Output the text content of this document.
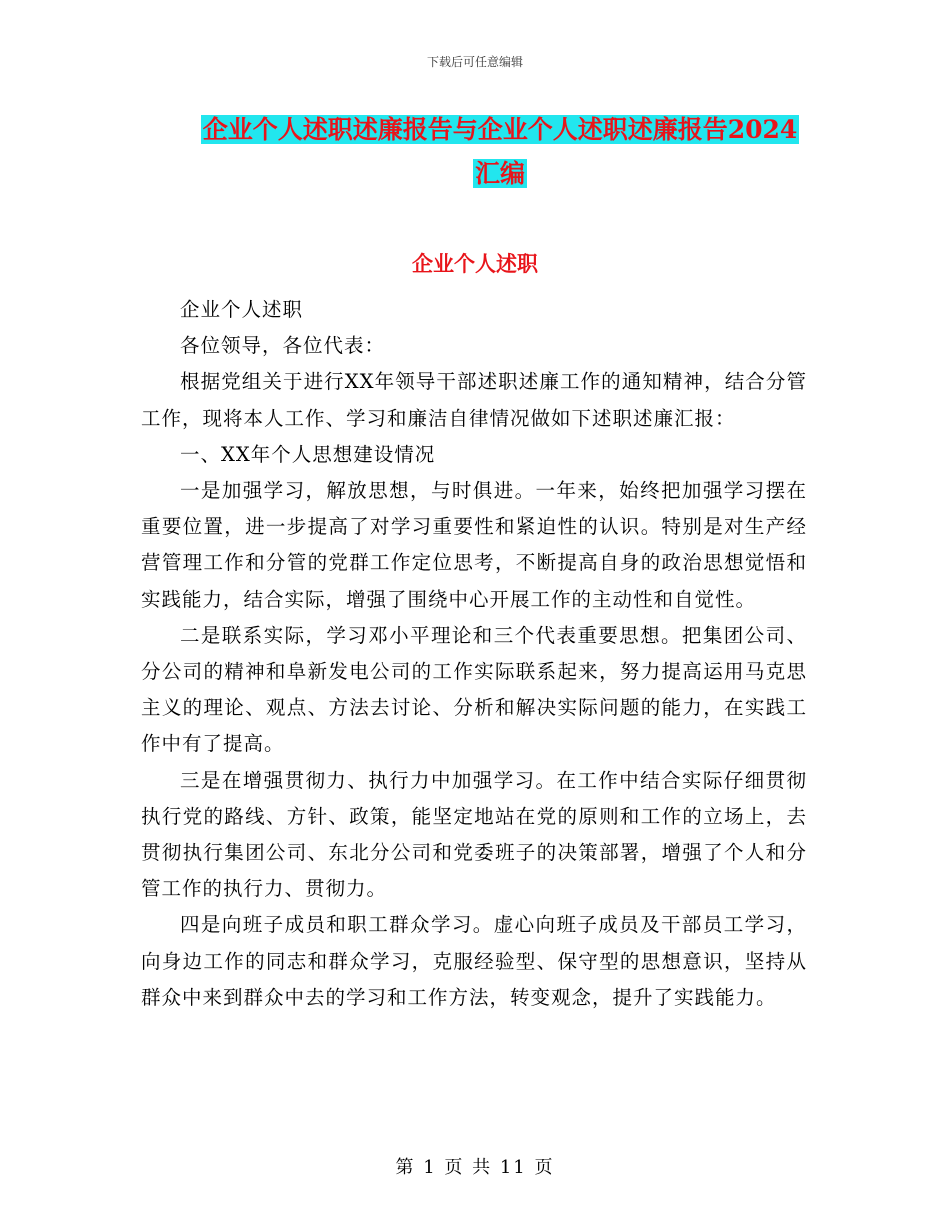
下载后可任意编辑
企业个人述职述廉报告与企业个人述职述廉报告2024
汇编
企业个人述职

企业个人述职

各位领导，各位代表：

根据党组关于进行XX年领导干部述职述廉工作的通知精神，结合分管工作，现将本人工作、学习和廉洁自律情况做如下述职述廉汇报：

一、XX年个人思想建设情况

一是加强学习，解放思想，与时俱进。一年来，始终把加强学习摆在重要位置，进一步提高了对学习重要性和紧迫性的认识。特别是对生产经营管理工作和分管的党群工作定位思考，不断提高自身的政治思想觉悟和实践能力，结合实际，增强了围绕中心开展工作的主动性和自觉性。

二是联系实际，学习邓小平理论和三个代表重要思想。把集团公司、分公司的精神和阜新发电公司的工作实际联系起来，努力提高运用马克思主义的理论、观点、方法去讨论、分析和解决实际问题的能力，在实践工作中有了提高。

三是在增强贯彻力、执行力中加强学习。在工作中结合实际仔细贯彻执行党的路线、方针、政策，能坚定地站在党的原则和工作的立场上，去贯彻执行集团公司、东北分公司和党委班子的决策部署，增强了个人和分管工作的执行力、贯彻力。

四是向班子成员和职工群众学习。虚心向班子成员及干部员工学习，向身边工作的同志和群众学习，克服经验型、保守型的思想意识，坚持从群众中来到群众中去的学习和工作方法，转变观念，提升了实践能力。

第 1 页 共 11 页
